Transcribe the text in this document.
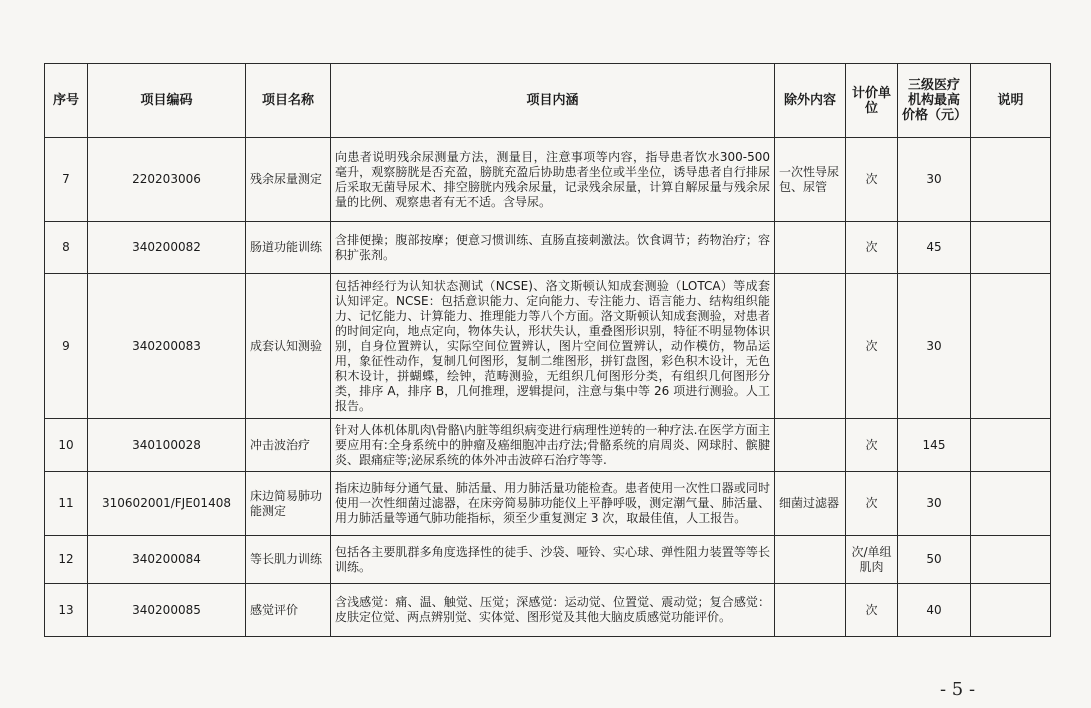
序号	项目编码	项目名称	项目内涵	除外内容	计价单位	三级医疗机构最高价格（元）	说明
7	220203006	残余尿量测定	向患者说明残余尿测量方法，测量目，注意事项等内容，指导患者饮水300-500 毫升，观察膀胱是否充盈，膀胱充盈后协助患者坐位或半坐位，诱导患者自行排尿后采取无菌导尿术、排空膀胱内残余尿量，记录残余尿量，计算自解尿量与残余尿量的比例、观察患者有无不适。含导尿。	一次性导尿包、尿管	次	30	
8	340200082	肠道功能训练	含排便操；腹部按摩；便意习惯训练、直肠直接刺激法。饮食调节；药物治疗；容积扩张剂。		次	45	
9	340200083	成套认知测验	包括神经行为认知状态测试（NCSE)、洛文斯顿认知成套测验（LOTCA）等成套认知评定。NCSE：包括意识能力、定向能力、专注能力、语言能力、结构组织能力、记忆能力、计算能力、推理能力等八个方面。洛文斯顿认知成套测验，对患者的时间定向，地点定向，物体失认，形状失认，重叠图形识别，特征不明显物体识别，自身位置辨认，实际空间位置辨认，图片空间位置辨认，动作模仿，物品运用，象征性动作，复制几何图形，复制二维图形，拼钉盘图，彩色积木设计，无色积木设计，拼蝴蝶，绘钟，范畴测验，无组织几何图形分类，有组织几何图形分类，排序 A，排序 B，几何推理，逻辑提问，注意与集中等 26 项进行测验。人工报告。		次	30	
10	340100028	冲击波治疗	针对人体机体肌肉\骨骼\内脏等组织病变进行病理性逆转的一种疗法.在医学方面主要应用有:全身系统中的肿瘤及癌细胞冲击疗法;骨骼系统的肩周炎、网球肘、髌腱炎、跟痛症等;泌尿系统的体外冲击波碎石治疗等等.		次	145	
11	310602001/FJE01408	床边简易肺功能测定	指床边肺每分通气量、肺活量、用力肺活量功能检查。患者使用一次性口器或同时使用一次性细菌过滤器，在床旁简易肺功能仪上平静呼吸，测定潮气量、肺活量、用力肺活量等通气肺功能指标，须至少重复测定 3 次，取最佳值，人工报告。	细菌过滤器	次	30	
12	340200084	等长肌力训练	包括各主要肌群多角度选择性的徒手、沙袋、哑铃、实心球、弹性阻力装置等等长训练。		次/单组肌肉	50	
13	340200085	感觉评价	含浅感觉：痛、温、触觉、压觉；深感觉：运动觉、位置觉、震动觉；复合感觉：皮肤定位觉、两点辨别觉、实体觉、图形觉及其他大脑皮质感觉功能评价。		次	40	
- 5 -
